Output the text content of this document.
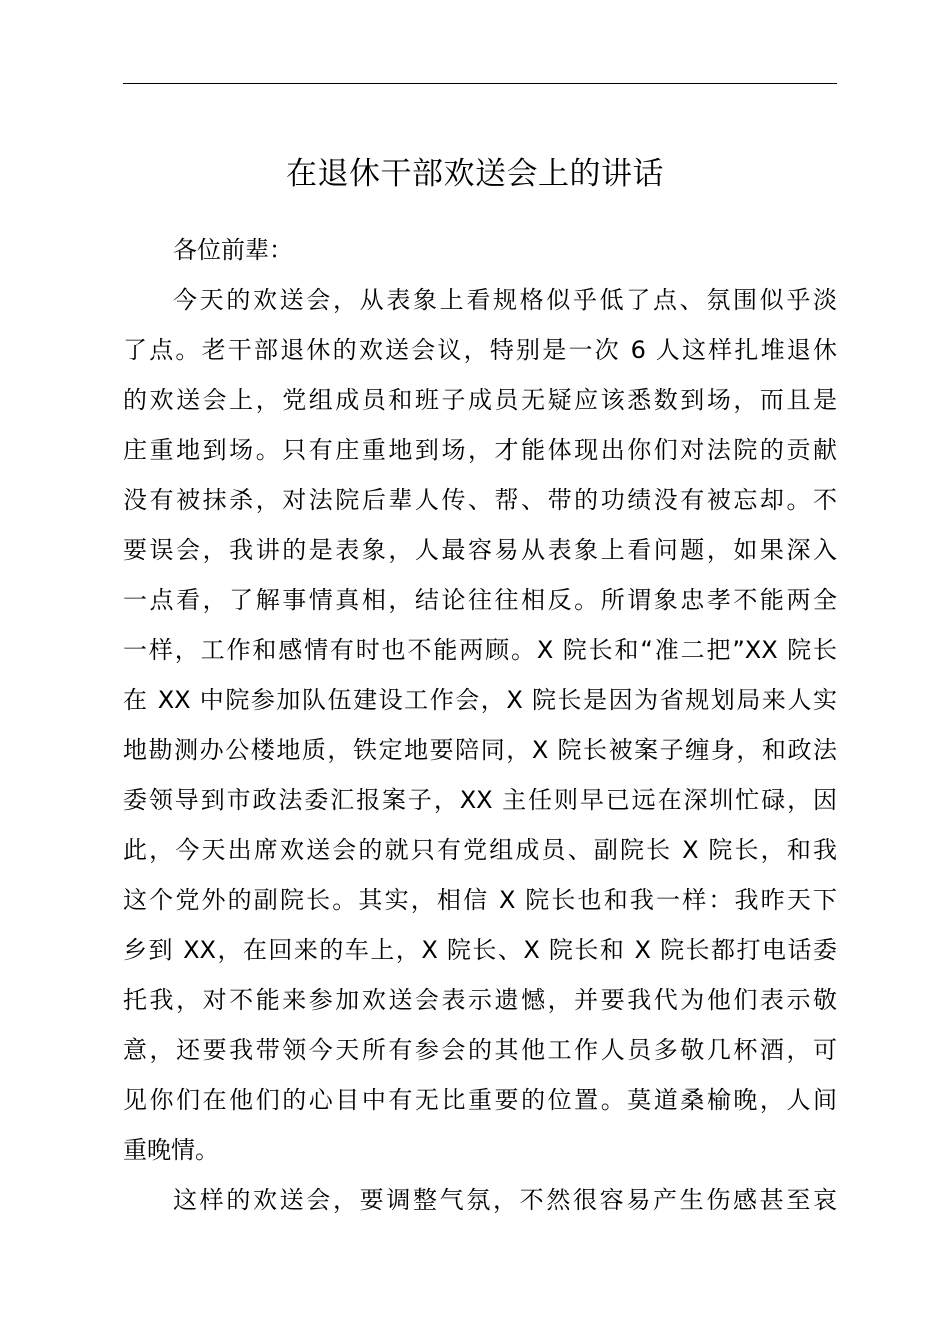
在退休干部欢送会上的讲话

各位前辈：

今天的欢送会，从表象上看规格似乎低了点、氛围似乎淡
了点。老干部退休的欢送会议，特别是一次 6 人这样扎堆退休
的欢送会上，党组成员和班子成员无疑应该悉数到场，而且是
庄重地到场。只有庄重地到场，才能体现出你们对法院的贡献
没有被抹杀，对法院后辈人传、帮、带的功绩没有被忘却。不
要误会，我讲的是表象，人最容易从表象上看问题，如果深入
一点看，了解事情真相，结论往往相反。所谓象忠孝不能两全
一样，工作和感情有时也不能两顾。X 院长和“准二把”XX 院长
在 XX 中院参加队伍建设工作会，X 院长是因为省规划局来人实
地勘测办公楼地质，铁定地要陪同，X 院长被案子缠身，和政法
委领导到市政法委汇报案子，XX 主任则早已远在深圳忙碌，因
此，今天出席欢送会的就只有党组成员、副院长 X 院长，和我
这个党外的副院长。其实，相信 X 院长也和我一样：我昨天下
乡到 XX，在回来的车上，X 院长、X 院长和 X 院长都打电话委
托我，对不能来参加欢送会表示遗憾，并要我代为他们表示敬
意，还要我带领今天所有参会的其他工作人员多敬几杯酒，可
见你们在他们的心目中有无比重要的位置。莫道桑榆晚，人间
重晚情。

这样的欢送会，要调整气氛，不然很容易产生伤感甚至哀
